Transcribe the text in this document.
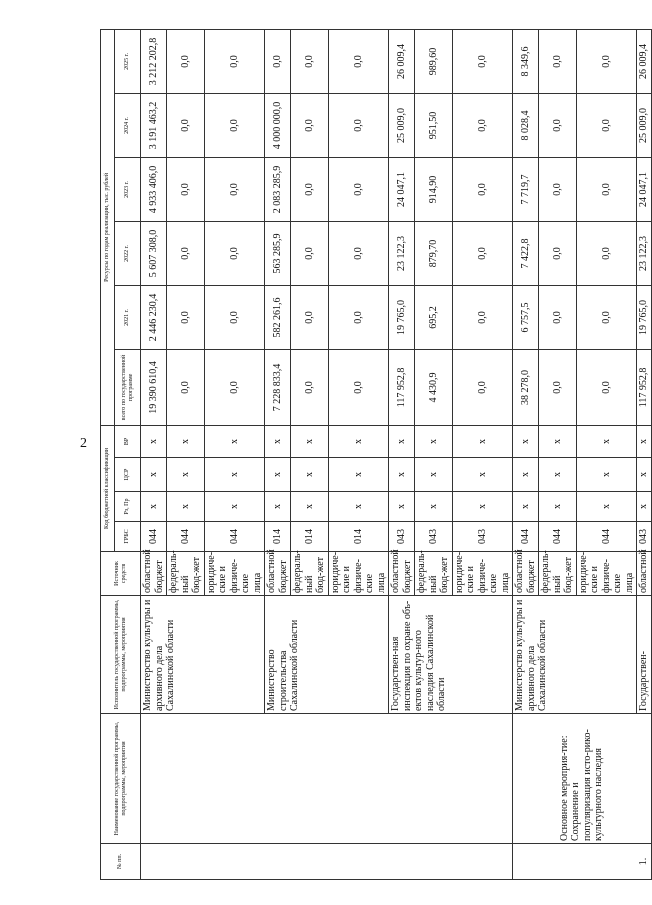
2
№ пп.	Наименование государственной программы, подпрограммы, мероприятия	Исполнитель государственной программы, подпрограммы, мероприятия	Источник средств	Код бюджетной классификации				Ресурсы по годам реализации, тыс. рублей					
				ГРБС	Рз, Пр	ЦСР	ВР	всего по государственной программе	2021 г.	2022 г.	2023 г.	2024 г.	2025 г.
		Министерство культуры и архивного дела Сахалинской области	областной бюджет	044	х	х	х	19 390 610,4	2 446 230,4	5 607 308,0	4 933 406,0	3 191 463,2	3 212 202,8
			федераль-ный бюд-жет	044	х	х	х	0,0	0,0	0,0	0,0	0,0	0,0
			юридиче-ские и физиче-ские лица	044	х	х	х	0,0	0,0	0,0	0,0	0,0	0,0
		Министерство строительства Сахалинской области	областной бюджет	014	х	х	х	7 228 833,4	582 261,6	563 285,9	2 083 285,9	4 000 000,0	0,0
			федераль-ный бюд-жет	014	х	х	х	0,0	0,0	0,0	0,0	0,0	0,0
			юридиче-ские и физиче-ские лица	014	х	х	х	0,0	0,0	0,0	0,0	0,0	0,0
		Государствен-ная инспекция по охране объ-ектов культур-ного наследия Сахалинской области	областной бюджет	043	х	х	х	117 952,8	19 765,0	23 122,3	24 047,1	25 009,0	26 009,4
			федераль-ный бюд-жет	043	х	х	х	4 430,9	695,2	879,70	914,90	951,50	989,60
			юридиче-ские и физиче-ские лица	043	х	х	х	0,0	0,0	0,0	0,0	0,0	0,0
1.	Основное мероприя-тие: Сохранение и популяризация исто-рико-культурного наследия	Министерство культуры и архивного дела Сахалинской области	областной бюджет	044	х	х	х	38 278,0	6 757,5	7 422,8	7 719,7	8 028,4	8 349,6
			федераль-ный бюд-жет	044	х	х	х	0,0	0,0	0,0	0,0	0,0	0,0
			юридиче-ские и физиче-ские лица	044	х	х	х	0,0	0,0	0,0	0,0	0,0	0,0
		Государствен-	областной	043	х	х	х	117 952,8	19 765,0	23 122,3	24 047,1	25 009,0	26 009,4
